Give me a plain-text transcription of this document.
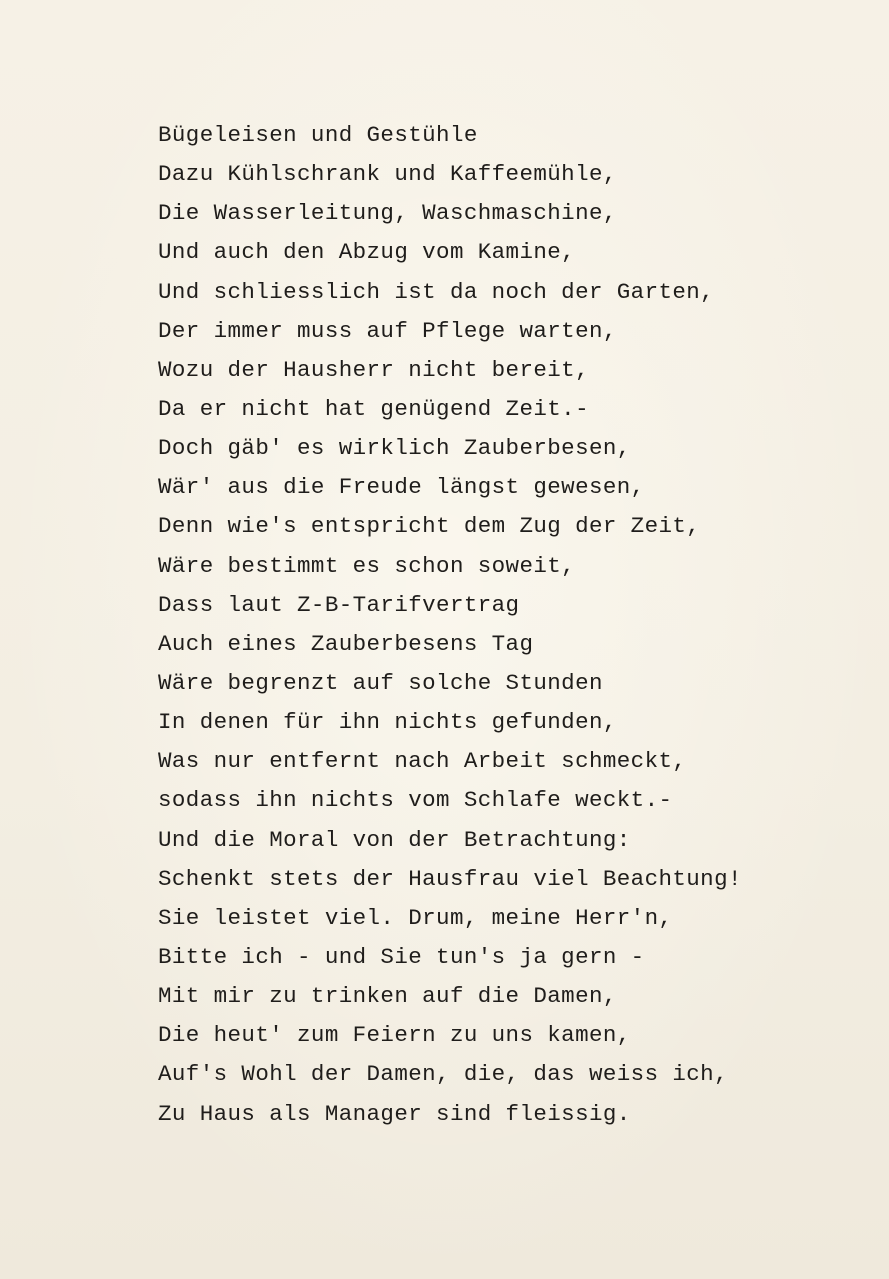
Bügeleisen und Gestühle
Dazu Kühlschrank und Kaffeemühle,
Die Wasserleitung, Waschmaschine,
Und auch den Abzug vom Kamine,
Und schliesslich ist da noch der Garten,
Der immer muss auf Pflege warten,
Wozu der Hausherr nicht bereit,
Da er nicht hat genügend Zeit.-
Doch gäb' es wirklich Zauberbesen,
Wär' aus die Freude längst gewesen,
Denn wie's entspricht dem Zug der Zeit,
Wäre bestimmt es schon soweit,
Dass laut Z-B-Tarifvertrag
Auch eines Zauberbesens Tag
Wäre begrenzt auf solche Stunden
In denen für ihn nichts gefunden,
Was nur entfernt nach Arbeit schmeckt,
sodass ihn nichts vom Schlafe weckt.-
Und die Moral von der Betrachtung:
Schenkt stets der Hausfrau viel Beachtung!
Sie leistet viel. Drum, meine Herr'n,
Bitte ich - und Sie tun's ja gern -
Mit mir zu trinken auf die Damen,
Die heut' zum Feiern zu uns kamen,
Auf's Wohl der Damen, die, das weiss ich,
Zu Haus als Manager sind fleissig.
